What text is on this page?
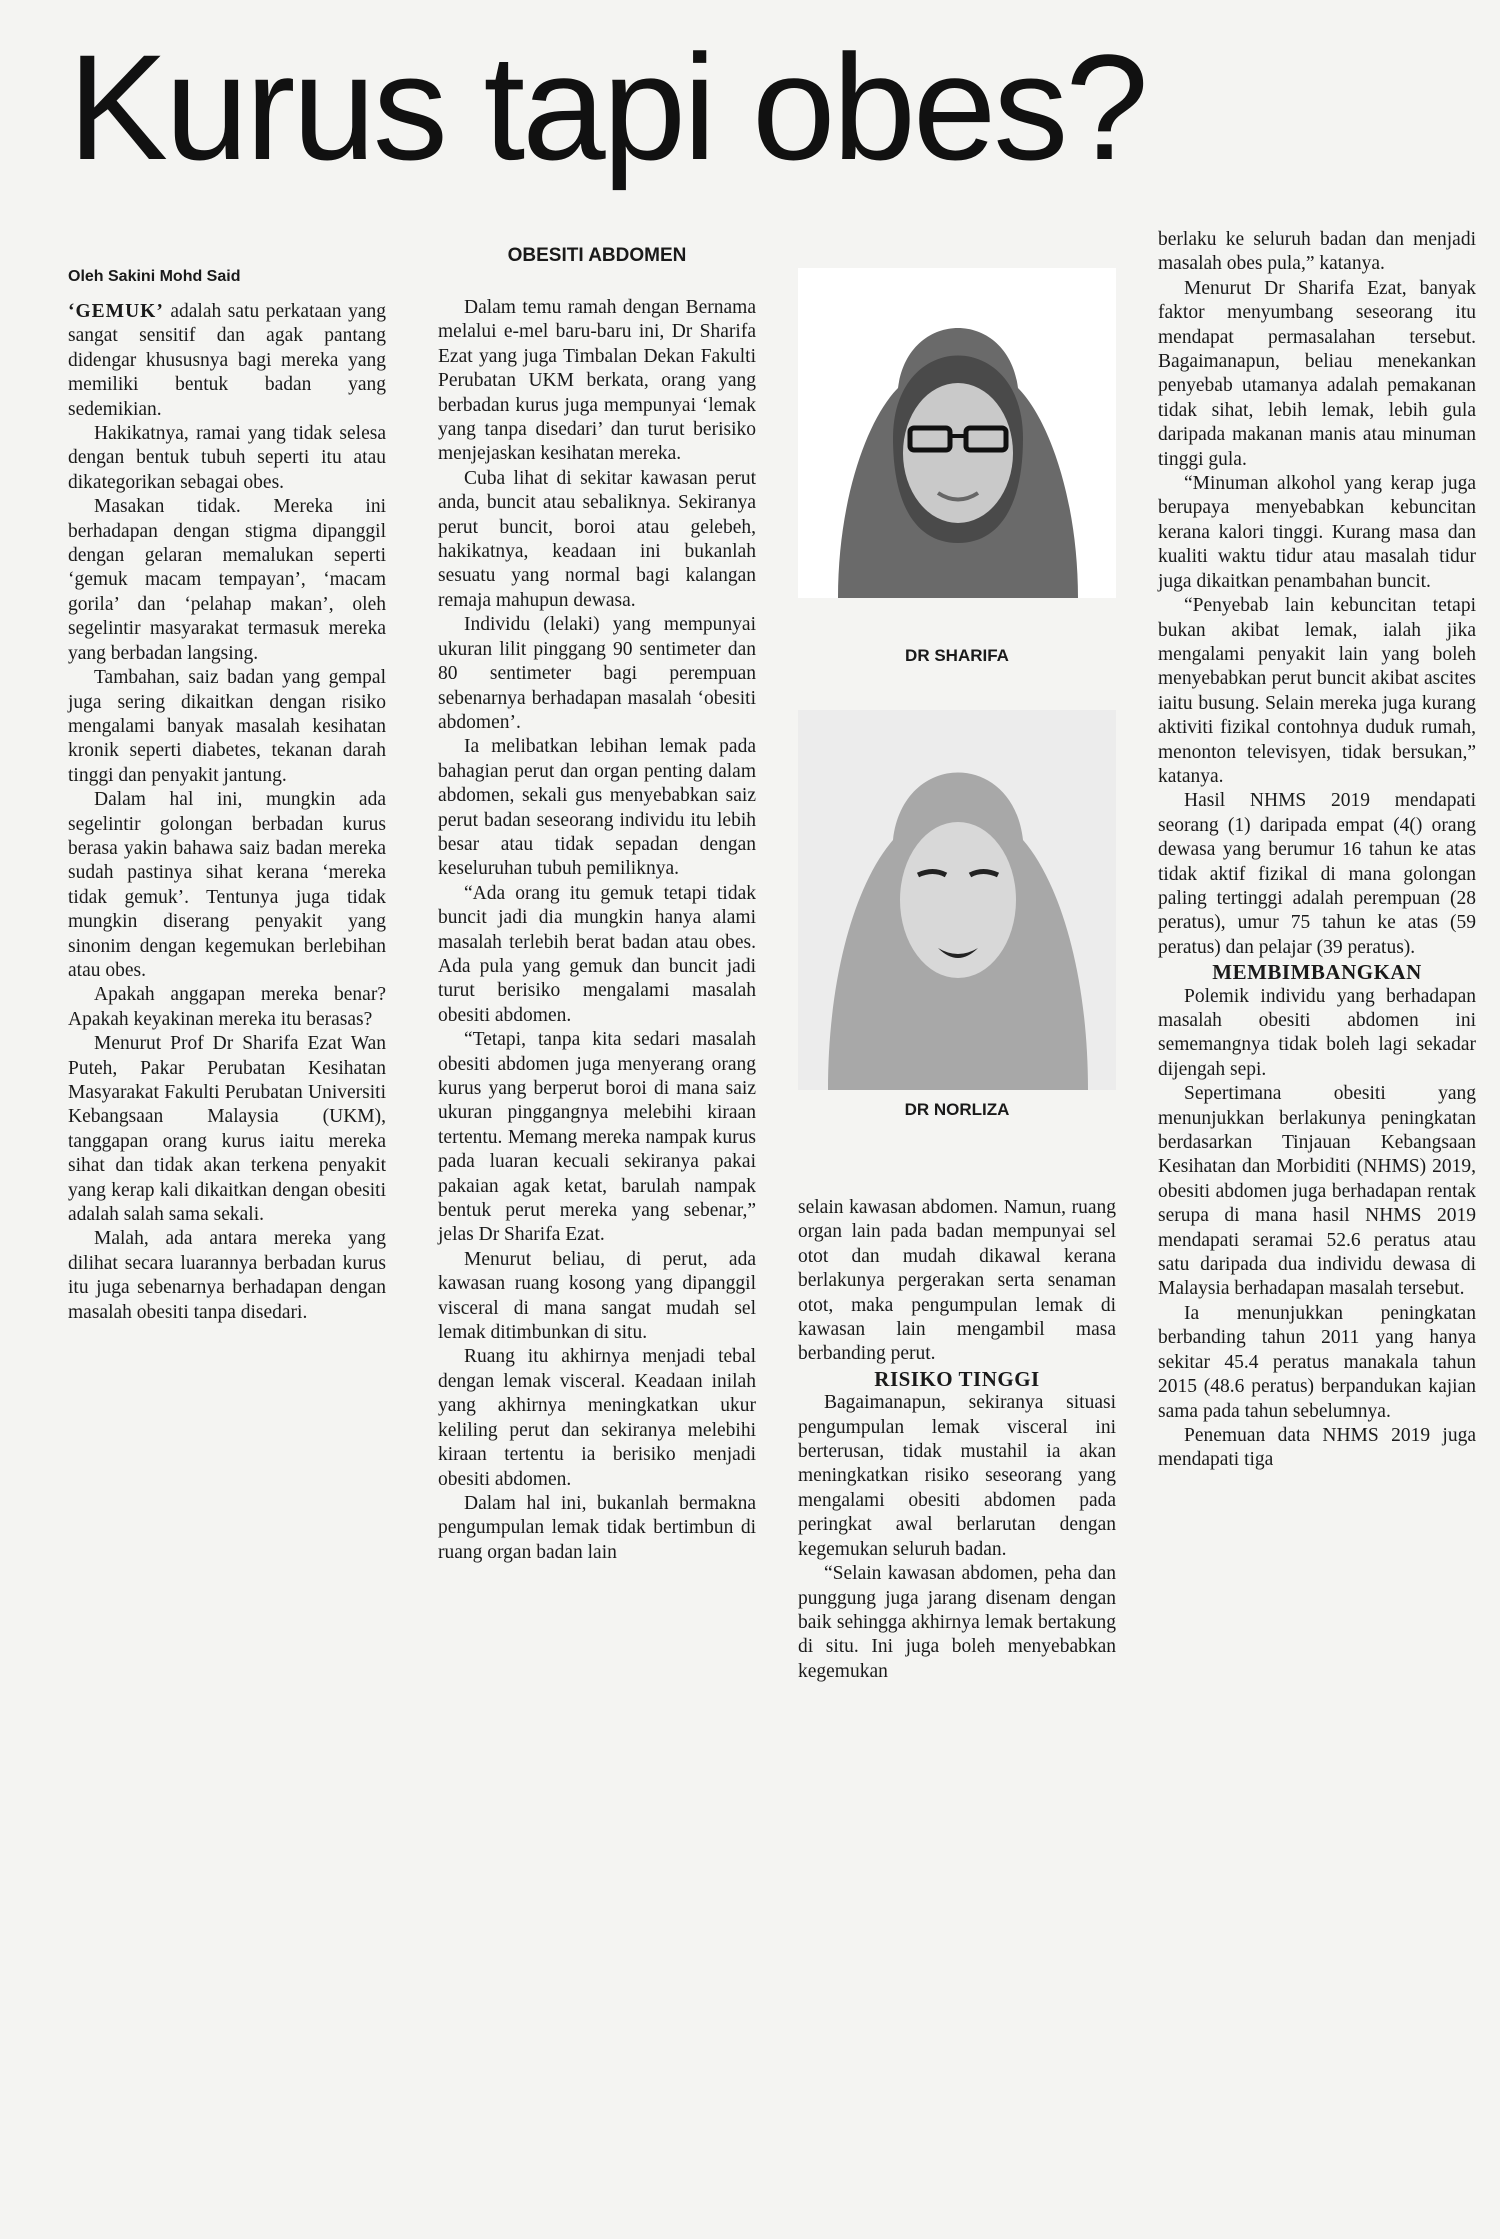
Kurus tapi obes?
Oleh Sakini Mohd Said

‘GEMUK’ adalah satu perkataan yang sangat sensitif dan agak pantang didengar khususnya bagi mereka yang memiliki bentuk badan yang sedemikian.

Hakikatnya, ramai yang tidak selesa dengan bentuk tubuh seperti itu atau dikategorikan sebagai obes.

Masakan tidak. Mereka ini berhadapan dengan stigma dipanggil dengan gelaran memalukan seperti ‘gemuk macam tempayan’, ‘macam gorila’ dan ‘pelahap makan’, oleh segelintir masyarakat termasuk mereka yang berbadan langsing.

Tambahan, saiz badan yang gempal juga sering dikaitkan dengan risiko mengalami banyak masalah kesihatan kronik seperti diabetes, tekanan darah tinggi dan penyakit jantung.

Dalam hal ini, mungkin ada segelintir golongan berbadan kurus berasa yakin bahawa saiz badan mereka sudah pastinya sihat kerana ‘mereka tidak gemuk’. Tentunya juga tidak mungkin diserang penyakit yang sinonim dengan kegemukan berlebihan atau obes.

Apakah anggapan mereka benar? Apakah keyakinan mereka itu berasas?

Menurut Prof Dr Sharifa Ezat Wan Puteh, Pakar Perubatan Kesihatan Masyarakat Fakulti Perubatan Universiti Kebangsaan Malaysia (UKM), tanggapan orang kurus iaitu mereka sihat dan tidak akan terkena penyakit yang kerap kali dikaitkan dengan obesiti adalah salah sama sekali.

Malah, ada antara mereka yang dilihat secara luarannya berbadan kurus itu juga sebenarnya berhadapan dengan masalah obesiti tanpa disedari.

OBESITI ABDOMEN

Dalam temu ramah dengan Bernama melalui e-mel baru-baru ini, Dr Sharifa Ezat yang juga Timbalan Dekan Fakulti Perubatan UKM berkata, orang yang berbadan kurus juga mempunyai ‘lemak yang tanpa disedari’ dan turut berisiko menjejaskan kesihatan mereka.

Cuba lihat di sekitar kawasan perut anda, buncit atau sebaliknya. Sekiranya perut buncit, boroi atau gelebeh, hakikatnya, keadaan ini bukanlah sesuatu yang normal bagi kalangan remaja mahupun dewasa.

Individu (lelaki) yang mempunyai ukuran lilit pinggang 90 sentimeter dan 80 sentimeter bagi perempuan sebenarnya berhadapan masalah ‘obesiti abdomen’.

Ia melibatkan lebihan lemak pada bahagian perut dan organ penting dalam abdomen, sekali gus menyebabkan saiz perut badan seseorang individu itu lebih besar atau tidak sepadan dengan keseluruhan tubuh pemiliknya.

“Ada orang itu gemuk tetapi tidak buncit jadi dia mungkin hanya alami masalah terlebih berat badan atau obes. Ada pula yang gemuk dan buncit jadi turut berisiko mengalami masalah obesiti abdomen.

“Tetapi, tanpa kita sedari masalah obesiti abdomen juga menyerang orang kurus yang berperut boroi di mana saiz ukuran pinggangnya melebihi kiraan tertentu. Memang mereka nampak kurus pada luaran kecuali sekiranya pakai pakaian agak ketat, barulah nampak bentuk perut mereka yang sebenar,” jelas Dr Sharifa Ezat.

Menurut beliau, di perut, ada kawasan ruang kosong yang dipanggil visceral di mana sangat mudah sel lemak ditimbunkan di situ.

Ruang itu akhirnya menjadi tebal dengan lemak visceral. Keadaan inilah yang akhirnya meningkatkan ukur keliling perut dan sekiranya melebihi kiraan tertentu ia berisiko menjadi obesiti abdomen.

Dalam hal ini, bukanlah bermakna pengumpulan lemak tidak bertimbun di ruang organ badan lain

DR SHARIFA
DR NORLIZA

selain kawasan abdomen. Namun, ruang organ lain pada badan mempunyai sel otot dan mudah dikawal kerana berlakunya pergerakan serta senaman otot, maka pengumpulan lemak di kawasan lain mengambil masa berbanding perut.

RISIKO TINGGI

Bagaimanapun, sekiranya situasi pengumpulan lemak visceral ini berterusan, tidak mustahil ia akan meningkatkan risiko seseorang yang mengalami obesiti abdomen pada peringkat awal berlarutan dengan kegemukan seluruh badan.

“Selain kawasan abdomen, peha dan punggung juga jarang disenam dengan baik sehingga akhirnya lemak bertakung di situ. Ini juga boleh menyebabkan kegemukan

berlaku ke seluruh badan dan menjadi masalah obes pula,” katanya.

Menurut Dr Sharifa Ezat, banyak faktor menyumbang seseorang itu mendapat permasalahan tersebut. Bagaimanapun, beliau menekankan penyebab utamanya adalah pemakanan tidak sihat, lebih lemak, lebih gula daripada makanan manis atau minuman tinggi gula.

“Minuman alkohol yang kerap juga berupaya menyebabkan kebuncitan kerana kalori tinggi. Kurang masa dan kualiti waktu tidur atau masalah tidur juga dikaitkan penambahan buncit.

“Penyebab lain kebuncitan tetapi bukan akibat lemak, ialah jika mengalami penyakit lain yang boleh menyebabkan perut buncit akibat ascites iaitu busung. Selain mereka juga kurang aktiviti fizikal contohnya duduk rumah, menonton televisyen, tidak bersukan,” katanya.

Hasil NHMS 2019 mendapati seorang (1) daripada empat (4() orang dewasa yang berumur 16 tahun ke atas tidak aktif fizikal di mana golongan paling tertinggi adalah perempuan (28 peratus), umur 75 tahun ke atas (59 peratus) dan pelajar (39 peratus).

MEMBIMBANGKAN

Polemik individu yang berhadapan masalah obesiti abdomen ini sememangnya tidak boleh lagi sekadar dijengah sepi.

Sepertimana obesiti yang menunjukkan berlakunya peningkatan berdasarkan Tinjauan Kebangsaan Kesihatan dan Morbiditi (NHMS) 2019, obesiti abdomen juga berhadapan rentak serupa di mana hasil NHMS 2019 mendapati seramai 52.6 peratus atau satu daripada dua individu dewasa di Malaysia berhadapan masalah tersebut.

Ia menunjukkan peningkatan berbanding tahun 2011 yang hanya sekitar 45.4 peratus manakala tahun 2015 (48.6 peratus) berpandukan kajian sama pada tahun sebelumnya.

Penemuan data NHMS 2019 juga mendapati tiga
